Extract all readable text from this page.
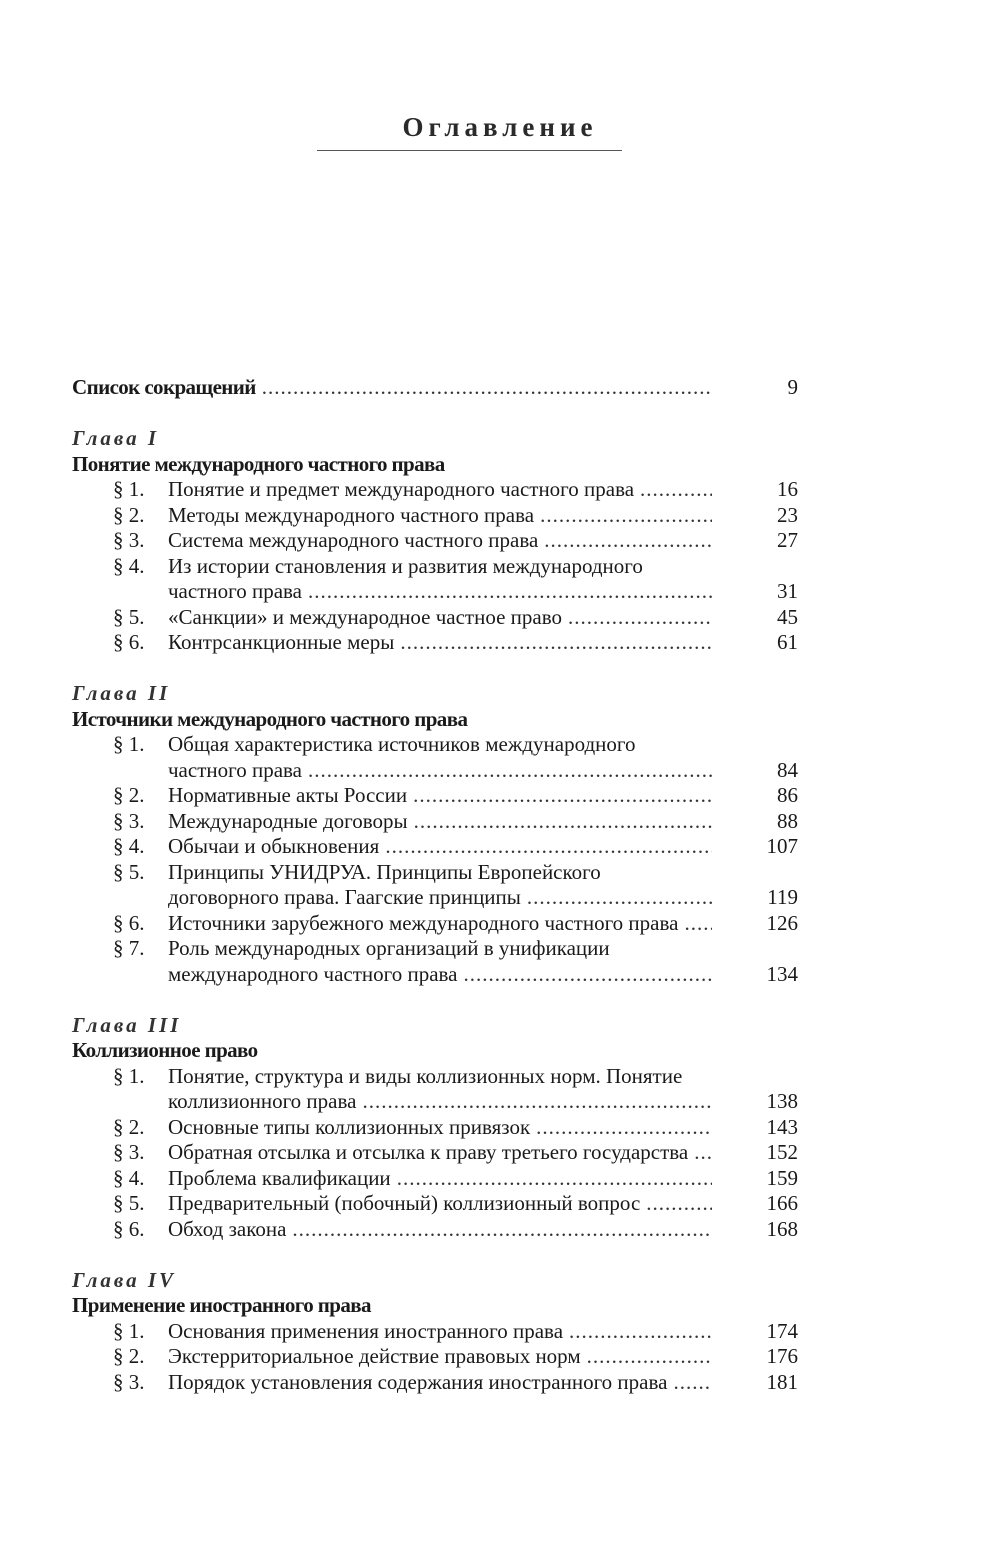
Оглавление
Список сокращений .....	9
Глава I
Понятие международного частного права
§ 1. Понятие и предмет международного частного права .....	16
§ 2. Методы международного частного права .....	23
§ 3. Система международного частного права .....	27
§ 4. Из истории становления и развития международного
частного права .....	31
§ 5. «Санкции» и международное частное право .....	45
§ 6. Контрсанкционные меры .....	61
Глава II
Источники международного частного права
§ 1. Общая характеристика источников международного
частного права .....	84
§ 2. Нормативные акты России .....	86
§ 3. Международные договоры .....	88
§ 4. Обычаи и обыкновения .....	107
§ 5. Принципы УНИДРУА. Принципы Европейского
договорного права. Гаагские принципы .....	119
§ 6. Источники зарубежного международного частного права .....	126
§ 7. Роль международных организаций в унификации
международного частного права .....	134
Глава III
Коллизионное право
§ 1. Понятие, структура и виды коллизионных норм. Понятие
коллизионного права .....	138
§ 2. Основные типы коллизионных привязок .....	143
§ 3. Обратная отсылка и отсылка к праву третьего государства .....	152
§ 4. Проблема квалификации .....	159
§ 5. Предварительный (побочный) коллизионный вопрос .....	166
§ 6. Обход закона .....	168
Глава IV
Применение иностранного права
§ 1. Основания применения иностранного права .....	174
§ 2. Экстерриториальное действие правовых норм .....	176
§ 3. Порядок установления содержания иностранного права .....	181
